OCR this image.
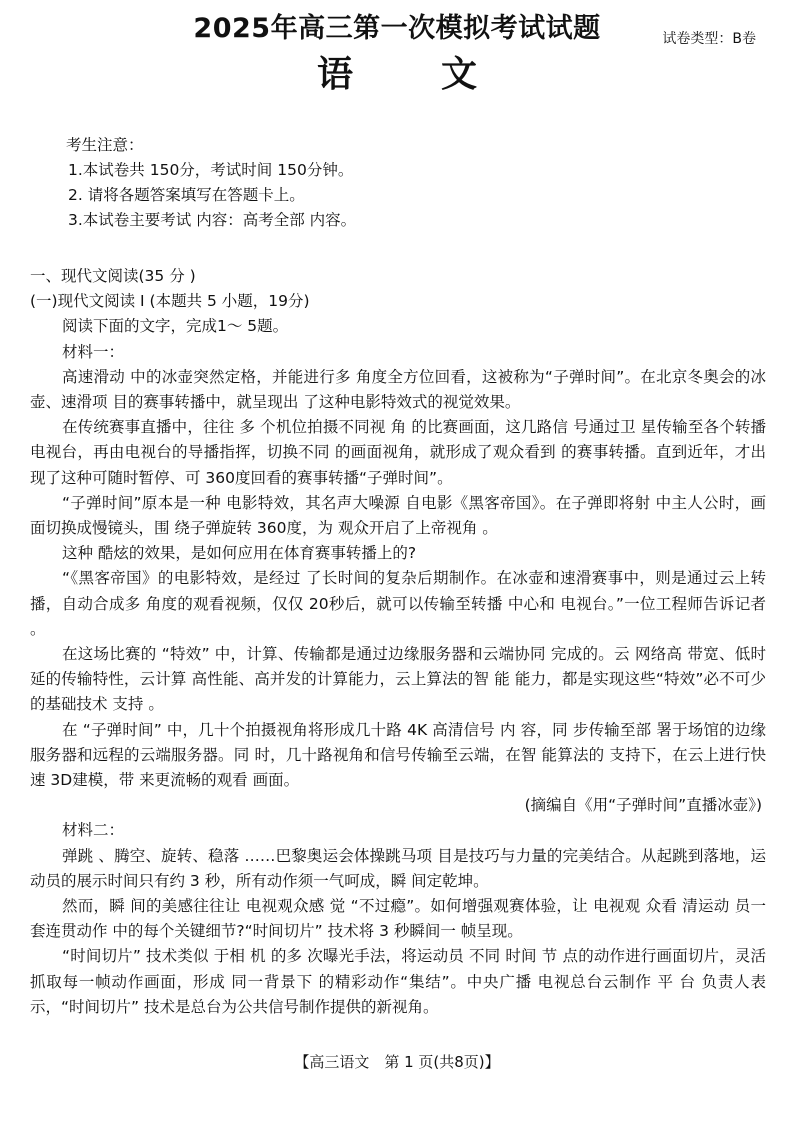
2025年高三第一次模拟考试试题	试卷类型：B卷
语文
考生注意：
1.本试卷共 150分，考试时间 150分钟。
2. 请将各题答案填写在答题卡上。
3.本试卷主要考试 内容：高考全部 内容。
一、现代文阅读(35 分 )
(一)现代文阅读 I (本题共 5 小题，19分)
阅读下面的文字，完成1～ 5题。
材料一：
高速滑动 中的冰壶突然定格，并能进行多 角度全方位回看，这被称为“子弹时间”。在北京冬奥会的冰壶、速滑项 目的赛事转播中，就呈现出 了这种电影特效式的视觉效果。
在传统赛事直播中，往往 多 个机位拍摄不同视 角 的比赛画面，这几路信 号通过卫 星传输至各个转播电视台，再由电视台的导播指挥，切换不同 的画面视角，就形成了观众看到 的赛事转播。直到近年，才出现了这种可随时暂停、可 360度回看的赛事转播“子弹时间”。
“子弹时间”原本是一种 电影特效，其名声大噪源 自电影《黑客帝国》。在子弹即将射 中主人公时，画 面切换成慢镜头，围 绕子弹旋转 360度，为 观众开启了上帝视角 。
这种 酷炫的效果，是如何应用在体育赛事转播上的?
“《黑客帝国》的电影特效，是经过 了长时间的复杂后期制作。在冰壶和速滑赛事中，则是通过云上转播，自动合成多 角度的观看视频，仅仅 20秒后，就可以传输至转播 中心和 电视台。”一位工程师告诉记者 。
在这场比赛的 “特效” 中，计算、传输都是通过边缘服务器和云端协同 完成的。云 网络高 带宽、低时延的传输特性，云计算 高性能、高并发的计算能力，云上算法的智 能 能力，都是实现这些“特效”必不可少的基础技术 支持 。
在 “子弹时间” 中，几十个拍摄视角将形成几十路 4K 高清信号 内 容，同 步传输至部 署于场馆的边缘服务器和远程的云端服务器。同 时，几十路视角和信号传输至云端，在智 能算法的 支持下，在云上进行快速 3D建模，带 来更流畅的观看 画面。
(摘编自《用“子弹时间”直播冰壶》)
材料二：
弹跳 、腾空、旋转、稳落 ……巴黎奥运会体操跳马项 目是技巧与力量的完美结合。从起跳到落地，运动员的展示时间只有约 3 秒，所有动作须一气呵成，瞬 间定乾坤。
然而，瞬 间的美感往往让 电视观众感 觉 “不过瘾”。如何增强观赛体验，让 电视观 众看 清运动 员一套连贯动作 中的每个关键细节?“时间切片” 技术将 3 秒瞬间一 帧呈现。
“时间切片” 技术类似 于相 机 的多 次曝光手法，将运动员 不同 时间 节 点的动作进行画面切片，灵活抓取每一帧动作画面，形成 同一背景下 的精彩动作“集结”。中央广播 电视总台云制作 平 台 负责人表示，“时间切片” 技术是总台为公共信号制作提供的新视角。
【高三语文　第 1 页(共8页)】
